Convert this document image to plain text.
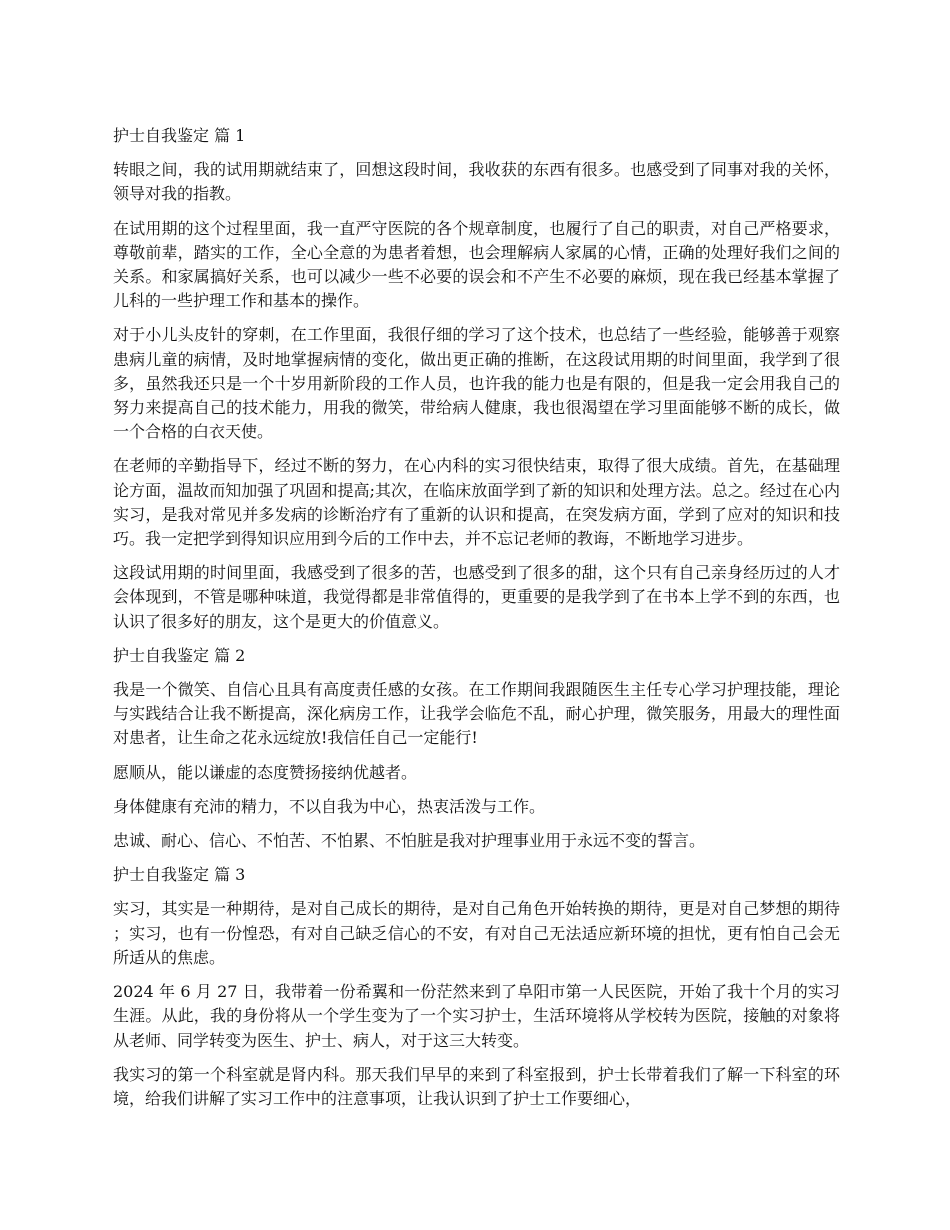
护士自我鉴定 篇 1
转眼之间，我的试用期就结束了，回想这段时间，我收获的东西有很多。也感受到了同事对我的关怀，领导对我的指教。
在试用期的这个过程里面，我一直严守医院的各个规章制度，也履行了自己的职责，对自己严格要求，尊敬前辈，踏实的工作，全心全意的为患者着想，也会理解病人家属的心情，正确的处理好我们之间的关系。和家属搞好关系，也可以减少一些不必要的误会和不产生不必要的麻烦，现在我已经基本掌握了儿科的一些护理工作和基本的操作。
对于小儿头皮针的穿刺，在工作里面，我很仔细的学习了这个技术，也总结了一些经验，能够善于观察患病儿童的病情，及时地掌握病情的变化，做出更正确的推断，在这段试用期的时间里面，我学到了很多，虽然我还只是一个十岁用新阶段的工作人员，也许我的能力也是有限的，但是我一定会用我自己的努力来提高自己的技术能力，用我的微笑，带给病人健康，我也很渴望在学习里面能够不断的成长，做一个合格的白衣天使。
在老师的辛勤指导下，经过不断的努力，在心内科的实习很快结束，取得了很大成绩。首先，在基础理论方面，温故而知加强了巩固和提高;其次，在临床放面学到了新的知识和处理方法。总之。经过在心内实习，是我对常见并多发病的诊断治疗有了重新的认识和提高，在突发病方面，学到了应对的知识和技巧。我一定把学到得知识应用到今后的工作中去，并不忘记老师的教诲，不断地学习进步。
这段试用期的时间里面，我感受到了很多的苦，也感受到了很多的甜，这个只有自己亲身经历过的人才会体现到，不管是哪种味道，我觉得都是非常值得的，更重要的是我学到了在书本上学不到的东西，也认识了很多好的朋友，这个是更大的价值意义。
护士自我鉴定 篇 2
我是一个微笑、自信心且具有高度责任感的女孩。在工作期间我跟随医生主任专心学习护理技能，理论与实践结合让我不断提高，深化病房工作，让我学会临危不乱，耐心护理，微笑服务，用最大的理性面对患者，让生命之花永远绽放!我信任自己一定能行!
愿顺从，能以谦虚的态度赞扬接纳优越者。
身体健康有充沛的精力，不以自我为中心，热衷活泼与工作。
忠诚、耐心、信心、不怕苦、不怕累、不怕脏是我对护理事业用于永远不变的誓言。
护士自我鉴定 篇 3
实习，其实是一种期待，是对自己成长的期待，是对自己角色开始转换的期待，更是对自己梦想的期待；实习，也有一份惶恐，有对自己缺乏信心的不安，有对自己无法适应新环境的担忧，更有怕自己会无所适从的焦虑。
2024 年 6 月 27 日，我带着一份希翼和一份茫然来到了阜阳市第一人民医院，开始了我十个月的实习生涯。从此，我的身份将从一个学生变为了一个实习护士，生活环境将从学校转为医院，接触的对象将从老师、同学转变为医生、护士、病人，对于这三大转变。
我实习的第一个科室就是肾内科。那天我们早早的来到了科室报到，护士长带着我们了解一下科室的环境，给我们讲解了实习工作中的注意事项，让我认识到了护士工作要细心，
